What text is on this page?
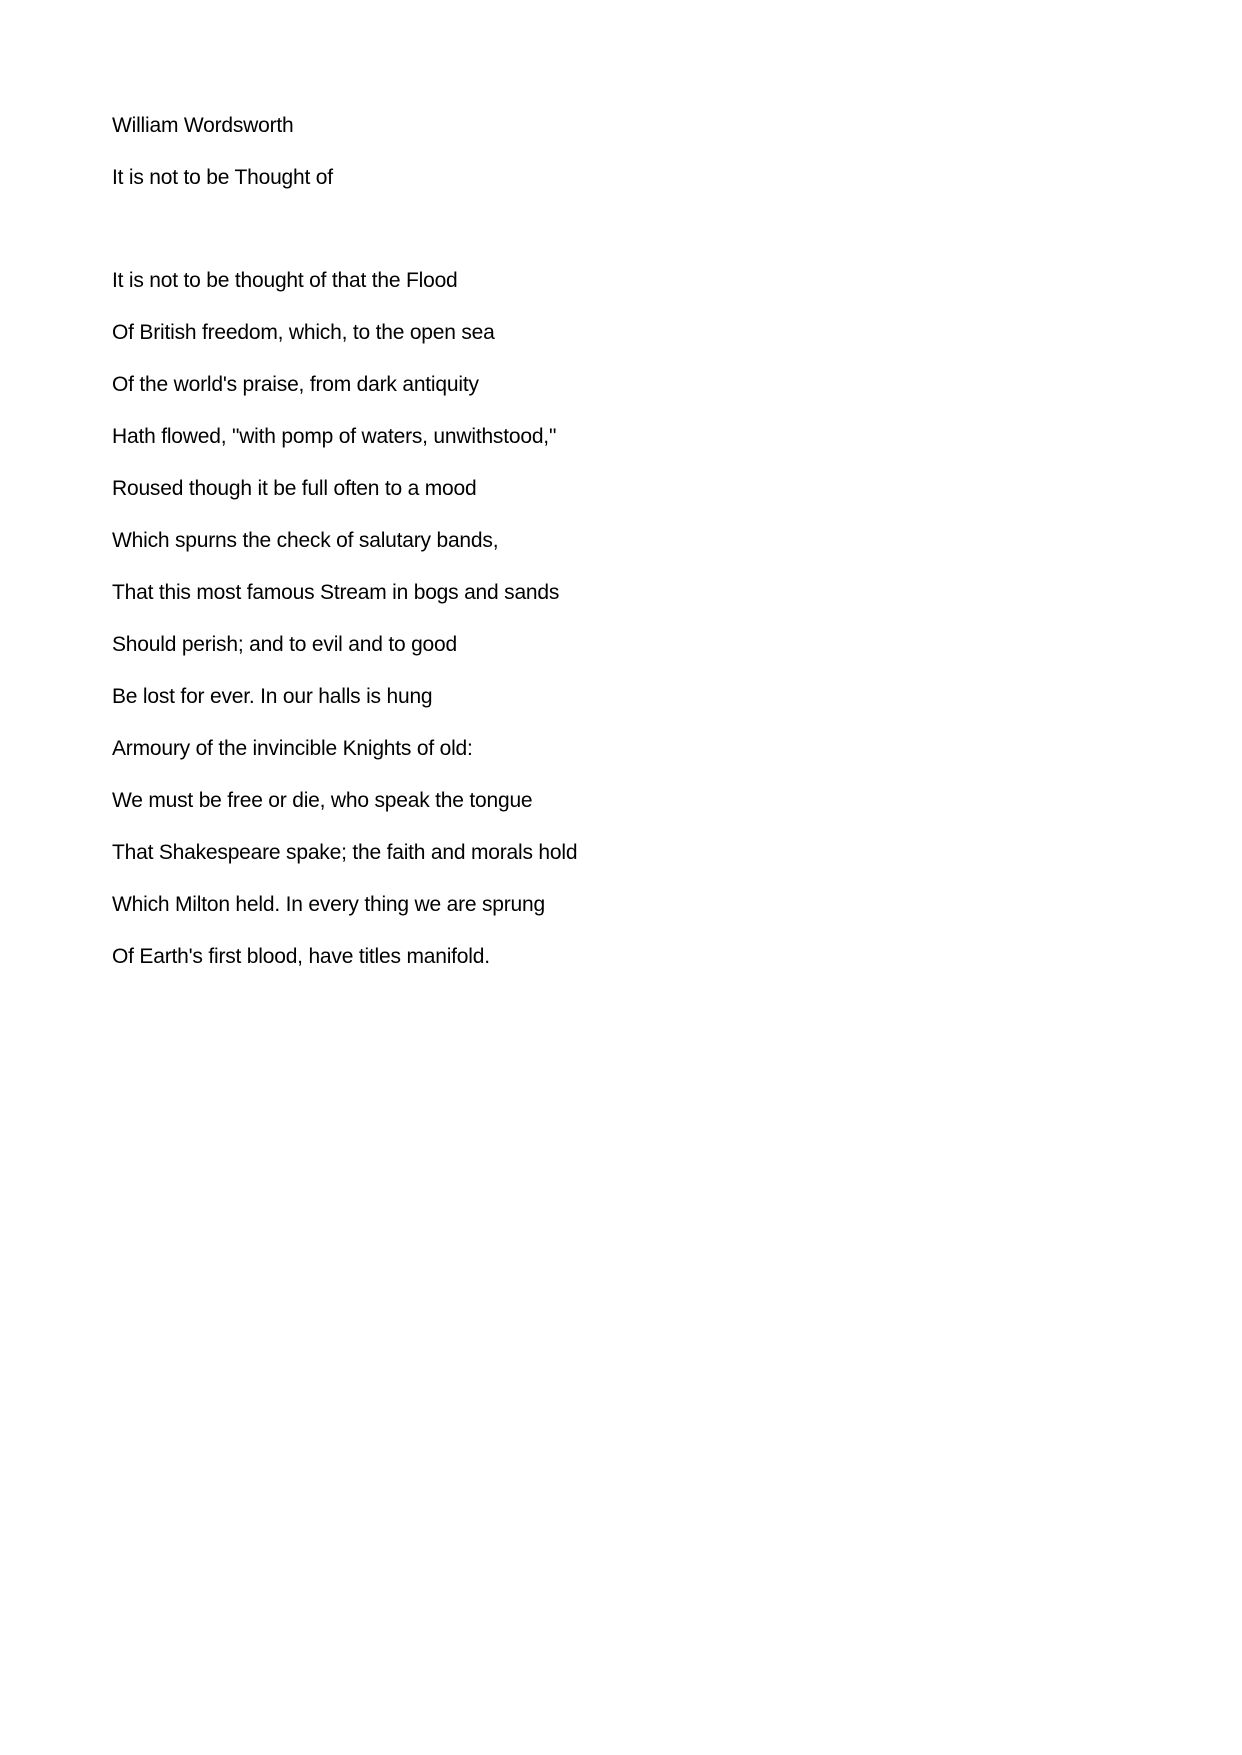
William Wordsworth

It is not to be Thought of

It is not to be thought of that the Flood

Of British freedom, which, to the open sea

Of the world's praise, from dark antiquity

Hath flowed, "with pomp of waters, unwithstood,"

Roused though it be full often to a mood

Which spurns the check of salutary bands,

That this most famous Stream in bogs and sands

Should perish; and to evil and to good

Be lost for ever. In our halls is hung

Armoury of the invincible Knights of old:

We must be free or die, who speak the tongue

That Shakespeare spake; the faith and morals hold

Which Milton held. In every thing we are sprung

Of Earth's first blood, have titles manifold.
